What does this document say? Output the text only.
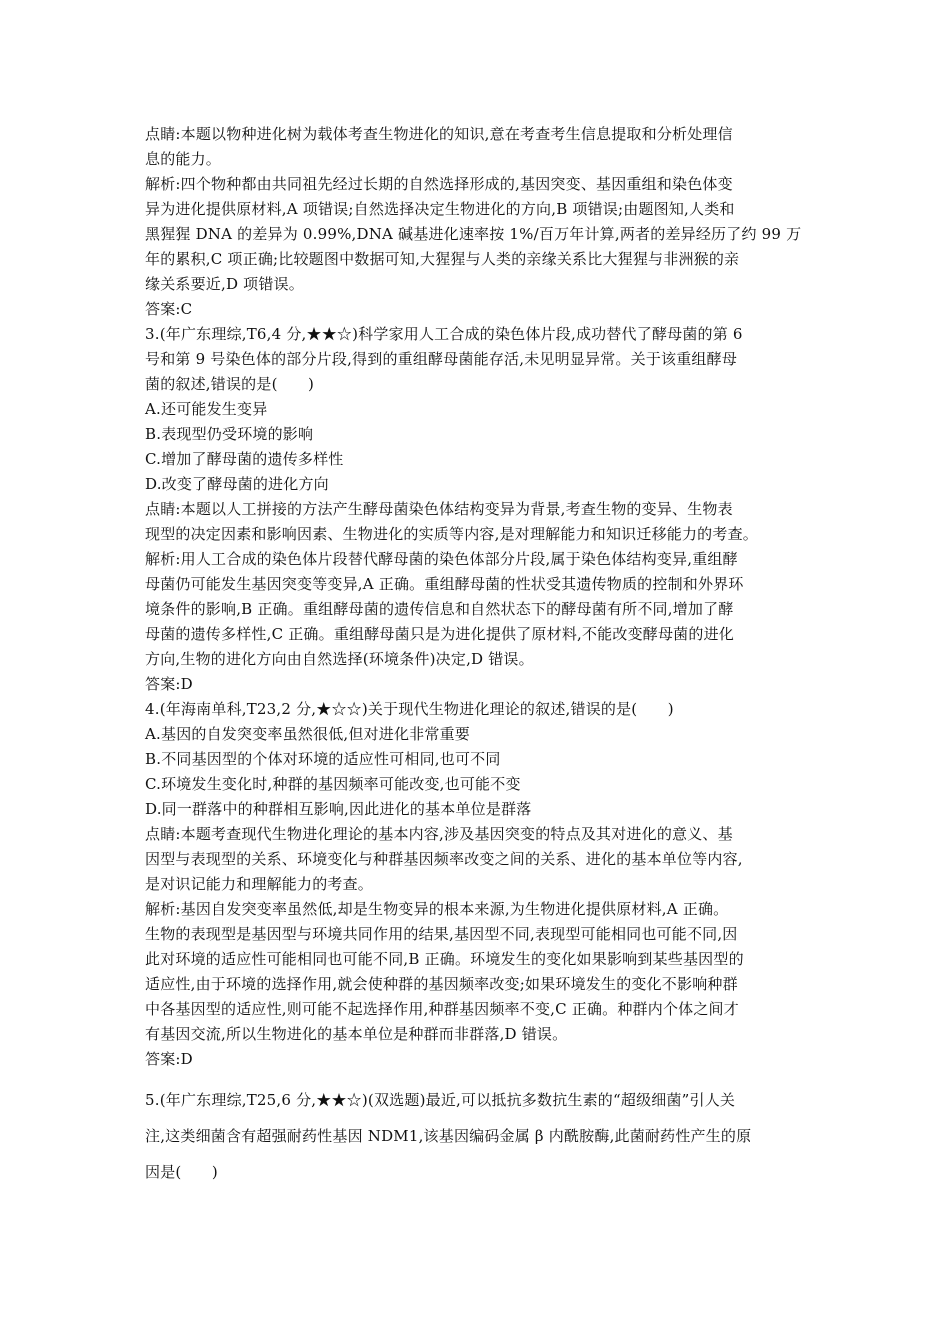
点睛:本题以物种进化树为载体考查生物进化的知识,意在考查考生信息提取和分析处理信
息的能力。
解析:四个物种都由共同祖先经过长期的自然选择形成的,基因突变、基因重组和染色体变
异为进化提供原材料,A 项错误;自然选择决定生物进化的方向,B 项错误;由题图知,人类和
黑猩猩 DNA 的差异为 0.99%,DNA 碱基进化速率按 1%/百万年计算,两者的差异经历了约 99 万
年的累积,C 项正确;比较题图中数据可知,大猩猩与人类的亲缘关系比大猩猩与非洲猴的亲
缘关系要近,D 项错误。
答案:C
3.(年广东理综,T6,4 分,★★☆)科学家用人工合成的染色体片段,成功替代了酵母菌的第 6
号和第 9 号染色体的部分片段,得到的重组酵母菌能存活,未见明显异常。关于该重组酵母
菌的叙述,错误的是(　　)
A.还可能发生变异
B.表现型仍受环境的影响
C.增加了酵母菌的遗传多样性
D.改变了酵母菌的进化方向
点睛:本题以人工拼接的方法产生酵母菌染色体结构变异为背景,考查生物的变异、生物表
现型的决定因素和影响因素、生物进化的实质等内容,是对理解能力和知识迁移能力的考查。
解析:用人工合成的染色体片段替代酵母菌的染色体部分片段,属于染色体结构变异,重组酵
母菌仍可能发生基因突变等变异,A 正确。重组酵母菌的性状受其遗传物质的控制和外界环
境条件的影响,B 正确。重组酵母菌的遗传信息和自然状态下的酵母菌有所不同,增加了酵
母菌的遗传多样性,C 正确。重组酵母菌只是为进化提供了原材料,不能改变酵母菌的进化
方向,生物的进化方向由自然选择(环境条件)决定,D 错误。
答案:D
4.(年海南单科,T23,2 分,★☆☆)关于现代生物进化理论的叙述,错误的是(　　)
A.基因的自发突变率虽然很低,但对进化非常重要
B.不同基因型的个体对环境的适应性可相同,也可不同
C.环境发生变化时,种群的基因频率可能改变,也可能不变
D.同一群落中的种群相互影响,因此进化的基本单位是群落
点睛:本题考查现代生物进化理论的基本内容,涉及基因突变的特点及其对进化的意义、基
因型与表现型的关系、环境变化与种群基因频率改变之间的关系、进化的基本单位等内容,
是对识记能力和理解能力的考查。
解析:基因自发突变率虽然低,却是生物变异的根本来源,为生物进化提供原材料,A 正确。
生物的表现型是基因型与环境共同作用的结果,基因型不同,表现型可能相同也可能不同,因
此对环境的适应性可能相同也可能不同,B 正确。环境发生的变化如果影响到某些基因型的
适应性,由于环境的选择作用,就会使种群的基因频率改变;如果环境发生的变化不影响种群
中各基因型的适应性,则可能不起选择作用,种群基因频率不变,C 正确。种群内个体之间才
有基因交流,所以生物进化的基本单位是种群而非群落,D 错误。
答案:D
5.(年广东理综,T25,6 分,★★☆)(双选题)最近,可以抵抗多数抗生素的“超级细菌”引人关
注,这类细菌含有超强耐药性基因 NDM1,该基因编码金属 β 内酰胺酶,此菌耐药性产生的原
因是(　　)
